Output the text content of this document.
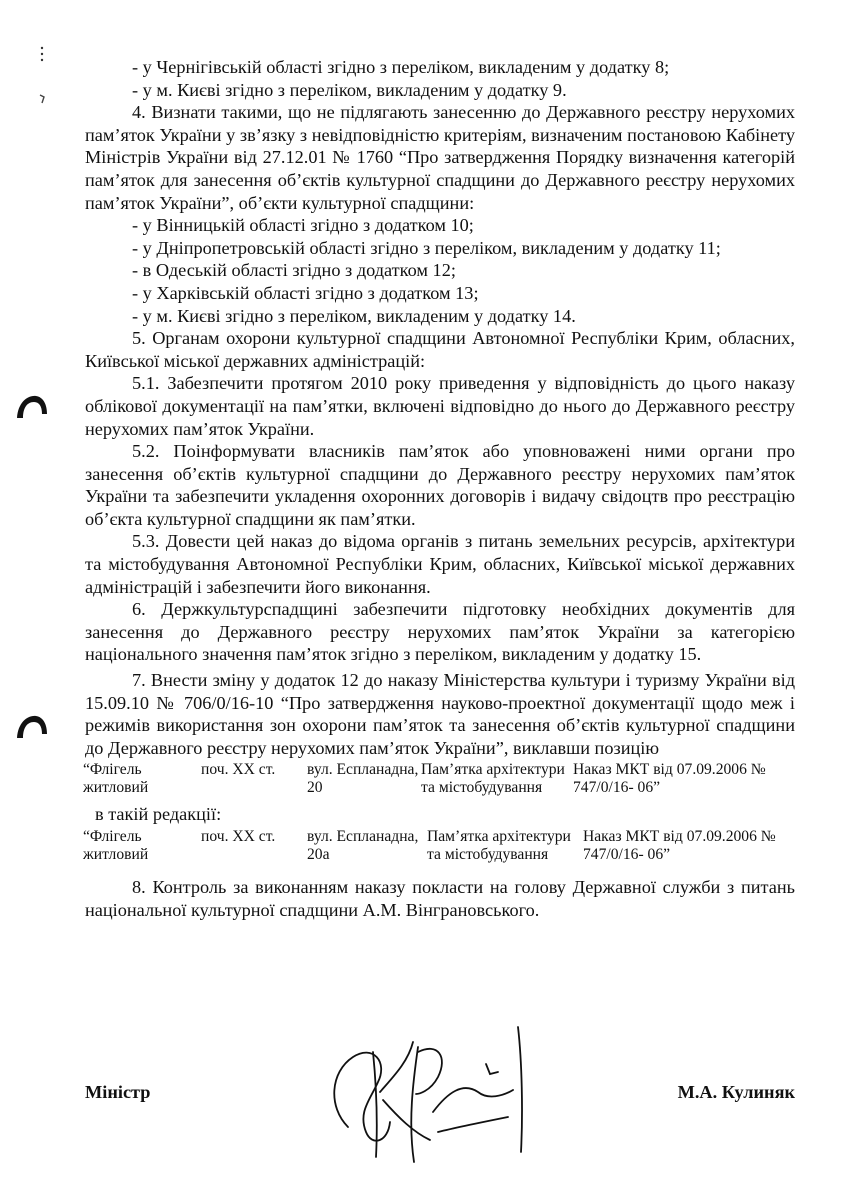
- у Чернігівській області згідно з переліком, викладеним у додатку 8;
- у м. Києві згідно з переліком, викладеним у додатку 9.

4. Визнати такими, що не підлягають занесенню до Державного реєстру нерухомих пам’яток України у зв’язку з невідповідністю критеріям, визначеним постановою Кабінету Міністрів України від 27.12.01 № 1760 “Про затвердження Порядку визначення категорій пам’яток для занесення об’єктів культурної спадщини до Державного реєстру нерухомих пам’яток України”, об’єкти культурної спадщини:

- у Вінницькій області згідно з додатком 10;
- у Дніпропетровській області згідно з переліком, викладеним у додатку 11;
- в Одеській області згідно з додатком 12;
- у Харківській області згідно з додатком 13;
- у м. Києві згідно з переліком, викладеним у додатку 14.

5. Органам охорони культурної спадщини Автономної Республіки Крим, обласних, Київської міської державних адміністрацій:

5.1. Забезпечити протягом 2010 року приведення у відповідність до цього наказу облікової документації на пам’ятки, включені відповідно до нього до Державного реєстру нерухомих пам’яток України.

5.2. Поінформувати власників пам’яток або уповноважені ними органи про занесення об’єктів культурної спадщини до Державного реєстру нерухомих пам’яток України та забезпечити укладення охоронних договорів і видачу свідоцтв про реєстрацію об’єкта культурної спадщини як пам’ятки.

5.3. Довести цей наказ до відома органів з питань земельних ресурсів, архітектури та містобудування Автономної Республіки Крим, обласних, Київської міської державних адміністрацій і забезпечити його виконання.

6. Держкультурспадщині забезпечити підготовку необхідних документів для занесення до Державного реєстру нерухомих пам’яток України за категорією національного значення пам’яток згідно з переліком, викладеним у додатку 15.

7. Внести зміну у додаток 12 до наказу Міністерства культури і туризму України від 15.09.10 № 706/0/16-10 “Про затвердження науково-проектної документації щодо меж і режимів використання зон охорони пам’яток та занесення об’єктів культурної спадщини до Державного реєстру нерухомих пам’яток України”, виклавши позицію

“Флігель житловий	поч. ХХ ст.	вул. Еспланадна, 20	Пам’ятка архітектури та містобудування	Наказ МКТ від 07.09.2006 № 747/0/16- 06”
в такій редакції:
“Флігель житловий	поч. ХХ ст.	вул. Еспланадна, 20а	Пам’ятка архітектури та містобудування	Наказ МКТ від 07.09.2006 № 747/0/16- 06”

8. Контроль за виконанням наказу покласти на голову Державної служби з питань національної культурної спадщини А.М. Вінграновського.

Міністр	М.А. Кулиняк
